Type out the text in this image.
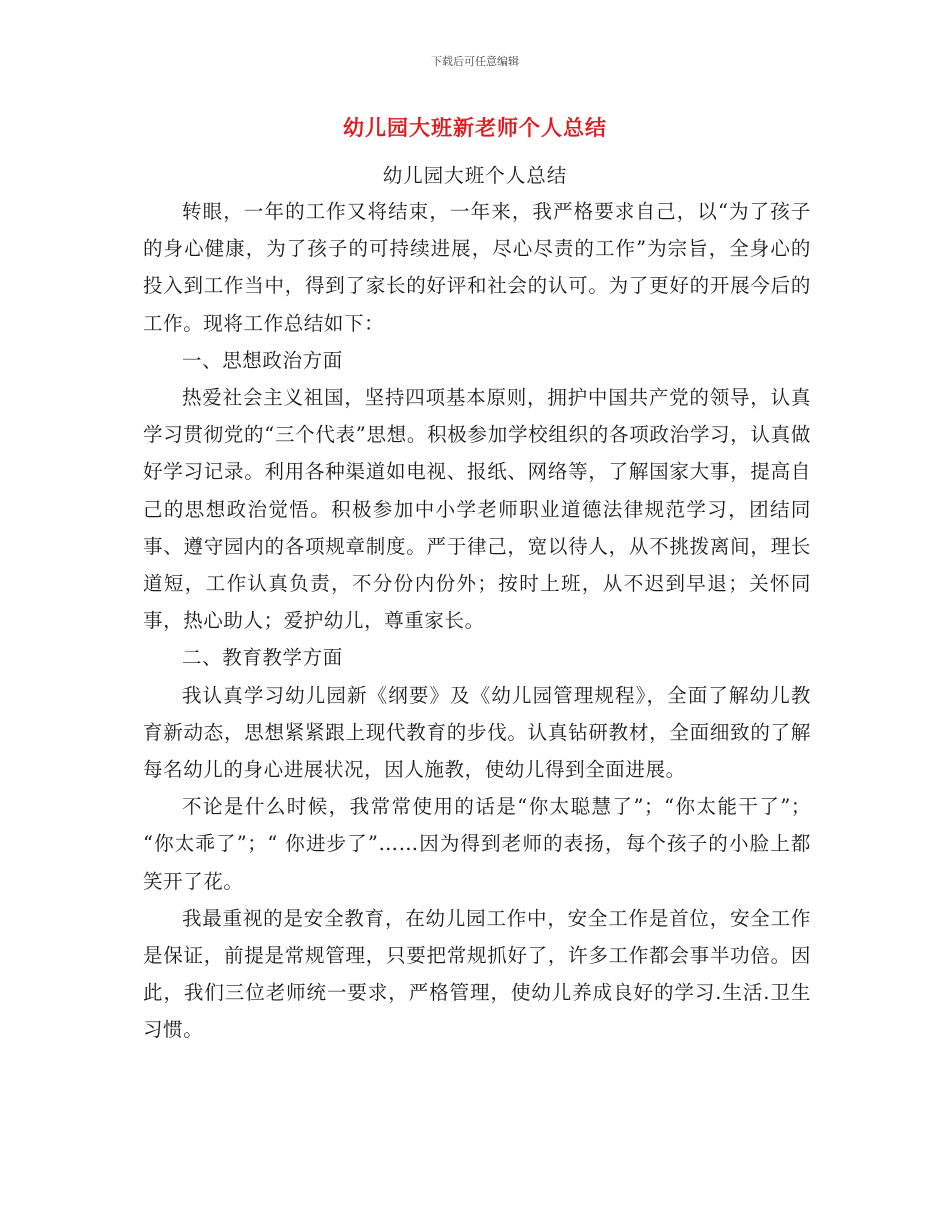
下载后可任意编辑
幼儿园大班新老师个人总结
幼儿园大班个人总结

转眼，一年的工作又将结束，一年来，我严格要求自己，以“为了孩子的身心健康，为了孩子的可持续进展，尽心尽责的工作”为宗旨，全身心的投入到工作当中，得到了家长的好评和社会的认可。为了更好的开展今后的工作。现将工作总结如下：

一、思想政治方面

热爱社会主义祖国，坚持四项基本原则，拥护中国共产党的领导，认真学习贯彻党的“三个代表”思想。积极参加学校组织的各项政治学习，认真做好学习记录。利用各种渠道如电视、报纸、网络等，了解国家大事，提高自己的思想政治觉悟。积极参加中小学老师职业道德法律规范学习，团结同事、遵守园内的各项规章制度。严于律己，宽以待人，从不挑拨离间，理长道短，工作认真负责，不分份内份外；按时上班，从不迟到早退；关怀同事，热心助人；爱护幼儿，尊重家长。

二、教育教学方面

我认真学习幼儿园新《纲要》及《幼儿园管理规程》，全面了解幼儿教育新动态，思想紧紧跟上现代教育的步伐。认真钻研教材，全面细致的了解每名幼儿的身心进展状况，因人施教，使幼儿得到全面进展。

不论是什么时候，我常常使用的话是“你太聪慧了”；“你太能干了”； “你太乖了”；“ 你进步了”……因为得到老师的表扬，每个孩子的小脸上都笑开了花。

我最重视的是安全教育，在幼儿园工作中，安全工作是首位，安全工作是保证，前提是常规管理，只要把常规抓好了，许多工作都会事半功倍。因此，我们三位老师统一要求，严格管理，使幼儿养成良好的学习.生活.卫生习惯。
